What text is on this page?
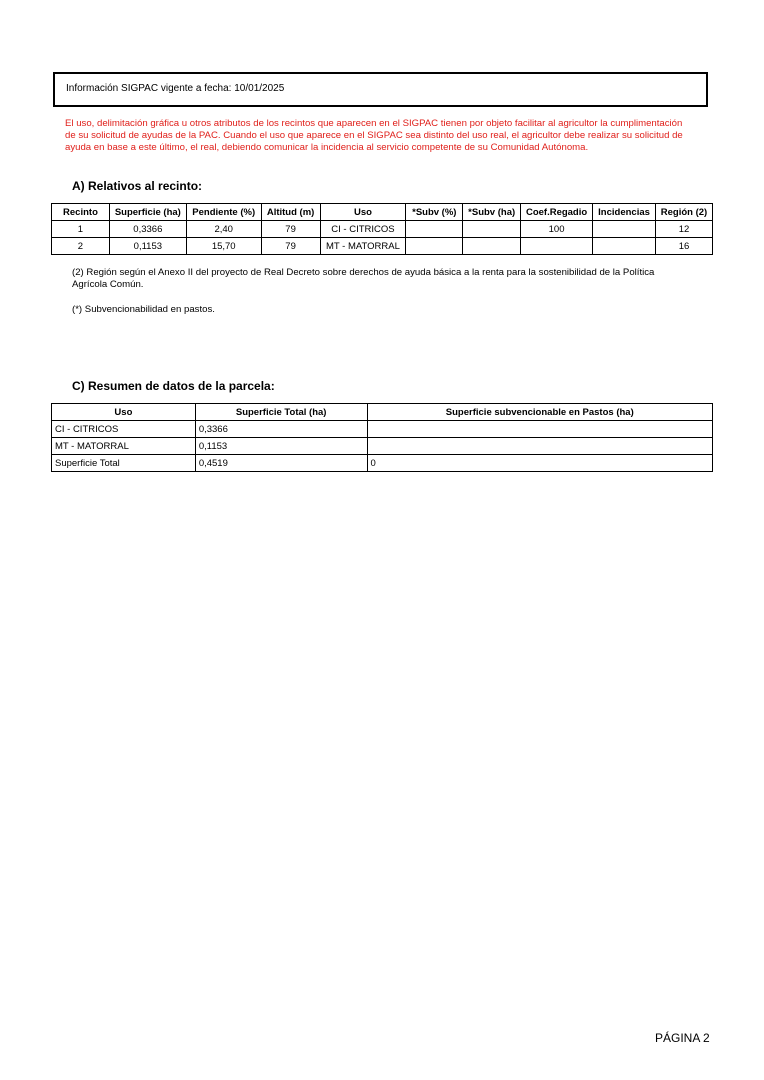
Información SIGPAC vigente a fecha: 10/01/2025
El uso, delimitación gráfica u otros atributos de los recintos que aparecen en el SIGPAC tienen por objeto facilitar al agricultor la cumplimentación de su solicitud de ayudas de la PAC. Cuando el uso que aparece en el SIGPAC sea distinto del uso real, el agricultor debe realizar su solicitud de ayuda en base a este último, el real, debiendo comunicar la incidencia al servicio competente de su Comunidad Autónoma.
A) Relativos al recinto:
Recinto	Superficie (ha)	Pendiente (%)	Altitud (m)	Uso	*Subv (%)	*Subv (ha)	Coef.Regadio	Incidencias	Región (2)
1	0,3366	2,40	79	CI - CITRICOS			100		12
2	0,1153	15,70	79	MT - MATORRAL					16
(2) Región según el Anexo II del proyecto de Real Decreto sobre derechos de ayuda básica a la renta para la sostenibilidad de la Política Agrícola Común.
(*) Subvencionabilidad en pastos.
C) Resumen de datos de la parcela:
Uso	Superficie Total (ha)	Superficie subvencionable en Pastos (ha)
CI - CITRICOS	0,3366	
MT - MATORRAL	0,1153	
Superficie Total	0,4519	0
PÁGINA 2
